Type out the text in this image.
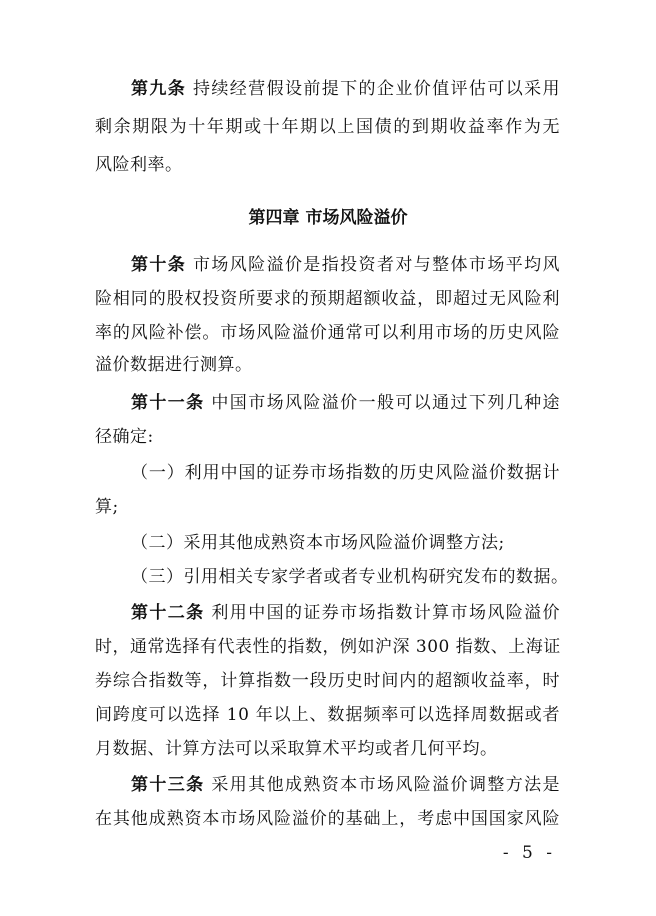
第九条 持续经营假设前提下的企业价值评估可以采用
剩余期限为十年期或十年期以上国债的到期收益率作为无
风险利率。
第四章 市场风险溢价
第十条 市场风险溢价是指投资者对与整体市场平均风
险相同的股权投资所要求的预期超额收益，即超过无风险利
率的风险补偿。市场风险溢价通常可以利用市场的历史风险
溢价数据进行测算。
第十一条 中国市场风险溢价一般可以通过下列几种途
径确定:
（一）利用中国的证券市场指数的历史风险溢价数据计
算;
（二）采用其他成熟资本市场风险溢价调整方法;
（三）引用相关专家学者或者专业机构研究发布的数据。
第十二条 利用中国的证券市场指数计算市场风险溢价
时，通常选择有代表性的指数，例如沪深 300 指数、上海证
券综合指数等，计算指数一段历史时间内的超额收益率，时
间跨度可以选择 10 年以上、数据频率可以选择周数据或者
月数据、计算方法可以采取算术平均或者几何平均。
第十三条 采用其他成熟资本市场风险溢价调整方法是
在其他成熟资本市场风险溢价的基础上，考虑中国国家风险
- 5 -
